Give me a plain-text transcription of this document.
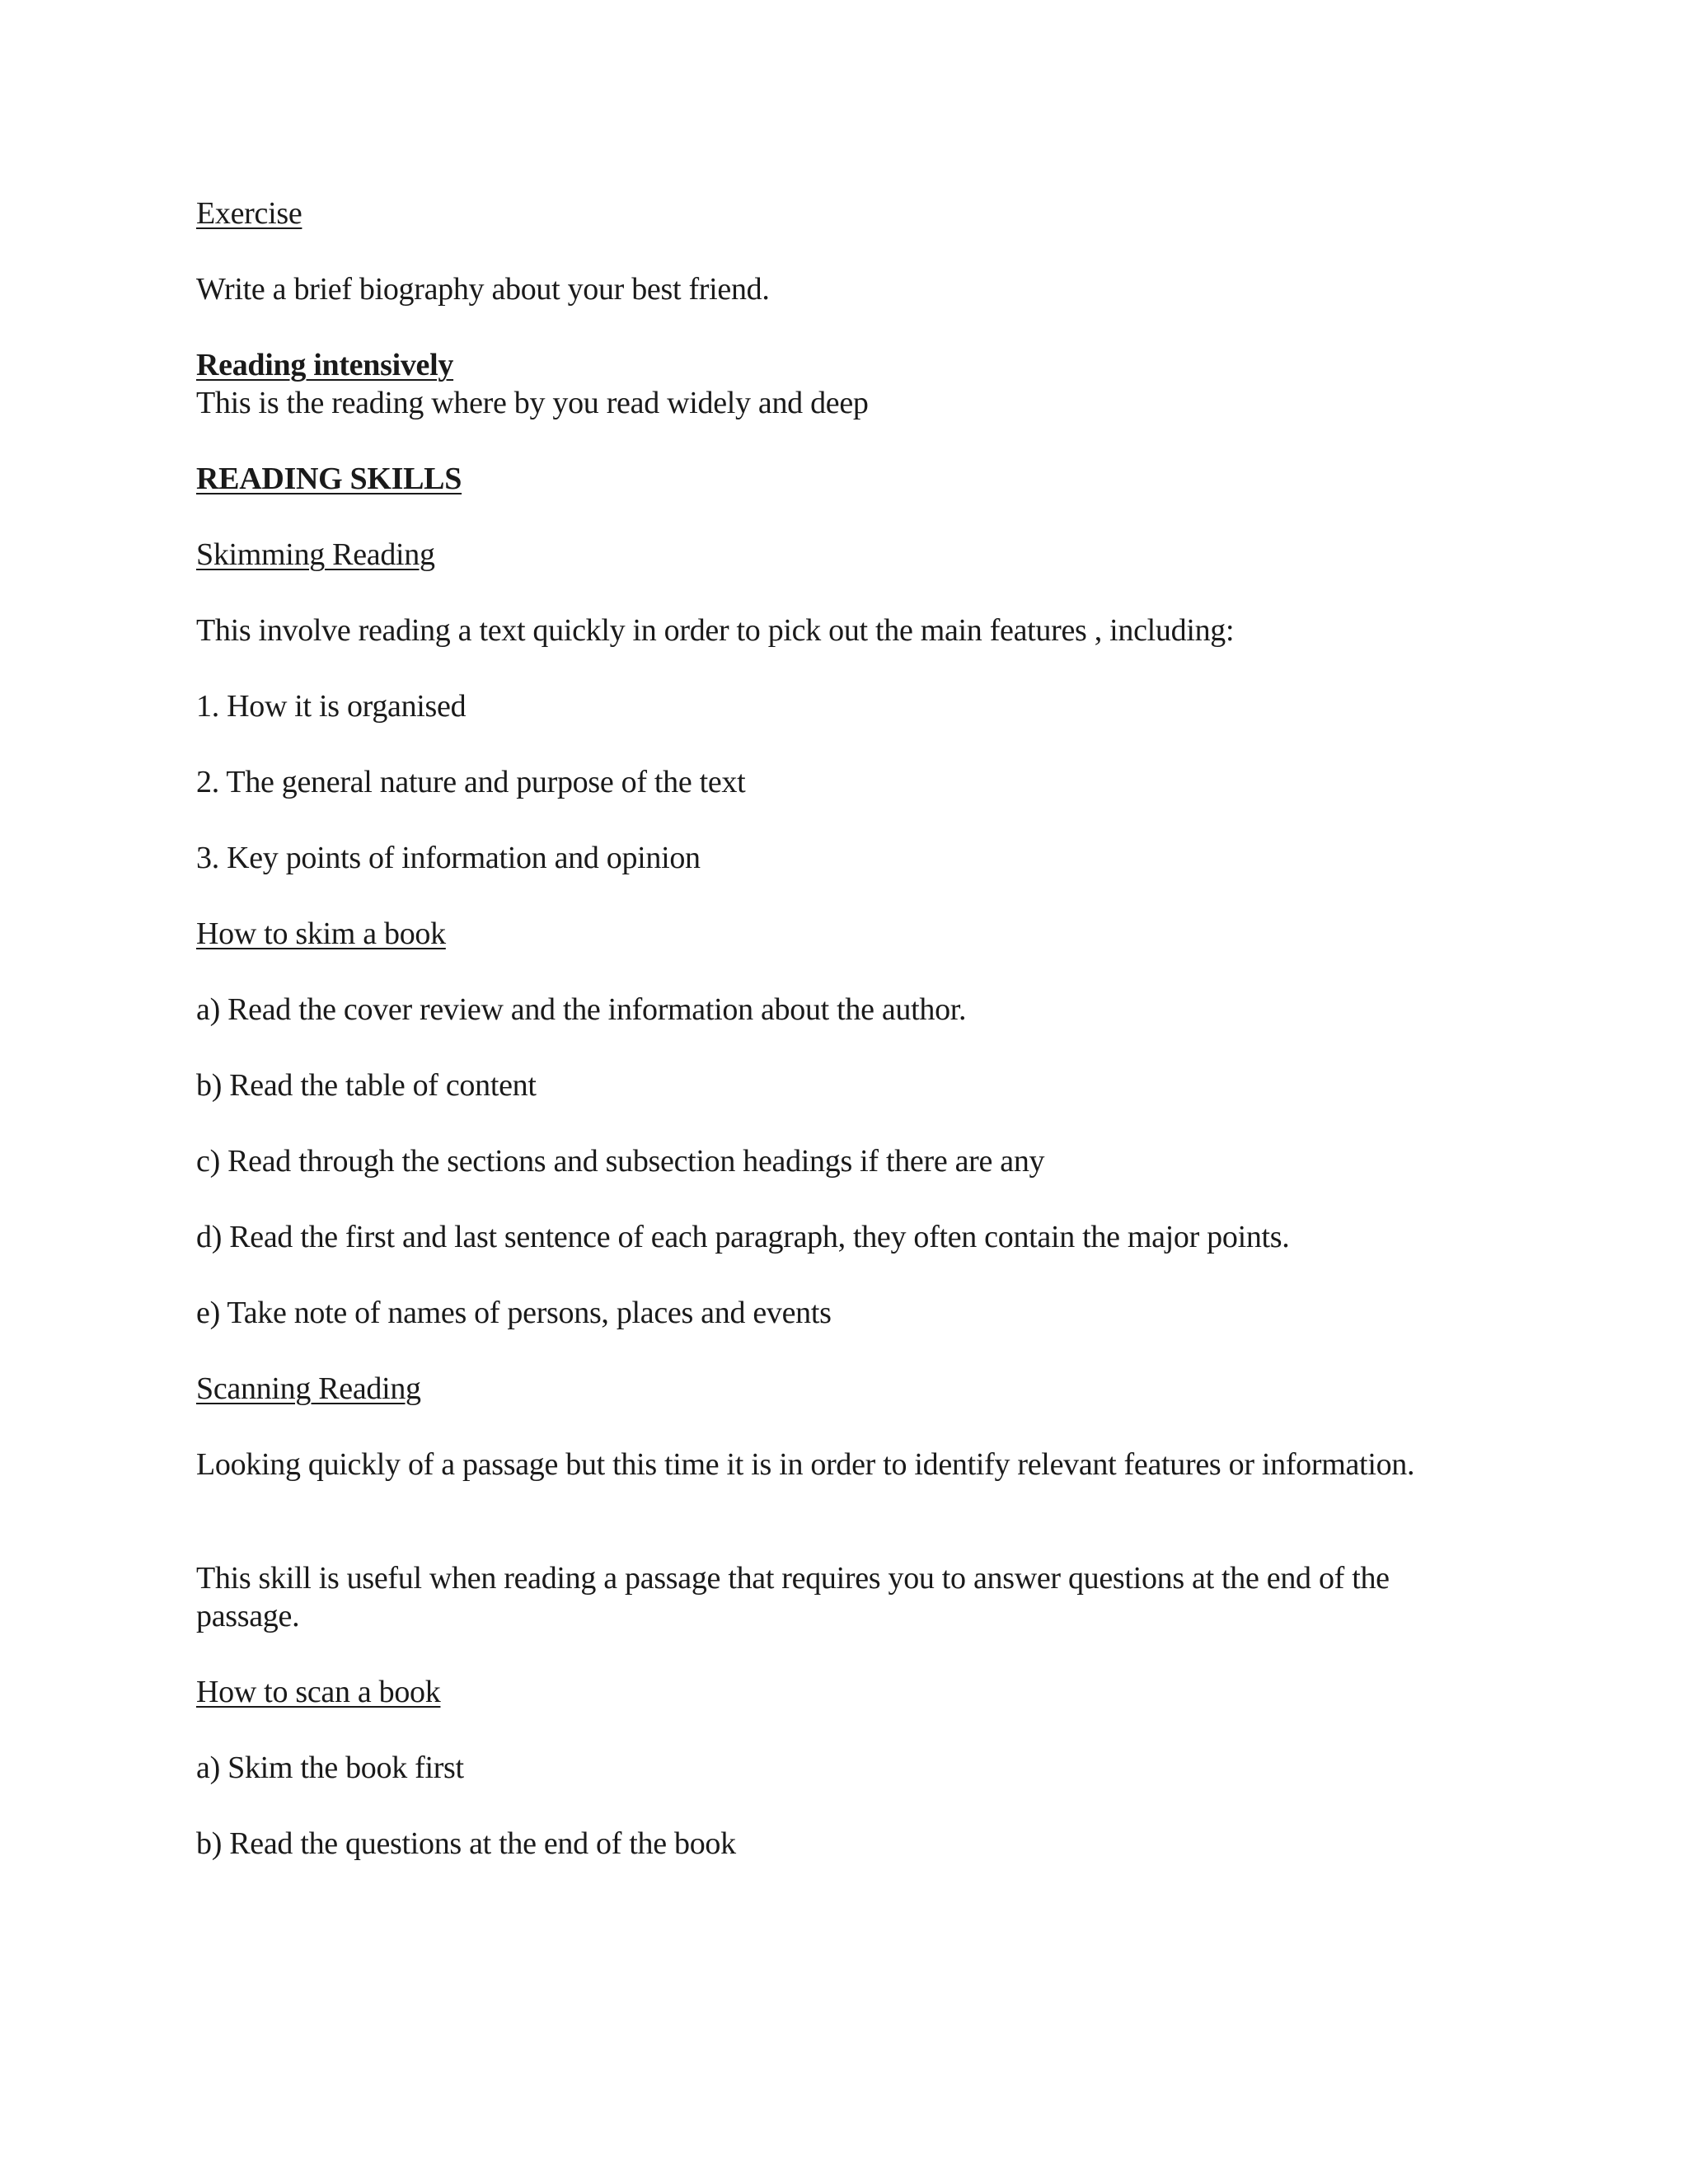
Exercise
Write a brief biography about your best friend.
Reading intensively
This is the reading where by you read widely and deep
READING SKILLS
Skimming Reading
This involve reading a text quickly in order to pick out the main features , including:
1. How it is organised
2. The general nature and purpose of the text
3. Key points of information and opinion
How to skim a book
a) Read the cover review and the information about the author.
b) Read the table of content
c) Read through the sections and subsection headings if there are any
d) Read the first and last sentence of each paragraph, they often contain the major points.
e) Take note of names of persons, places and events
Scanning Reading
Looking quickly of a passage but this time it is in order to identify relevant features or information.
This skill is useful when reading a passage that requires you to answer questions at the end of the passage.
How to scan a book
a) Skim the book first
b) Read the questions at the end of the book
